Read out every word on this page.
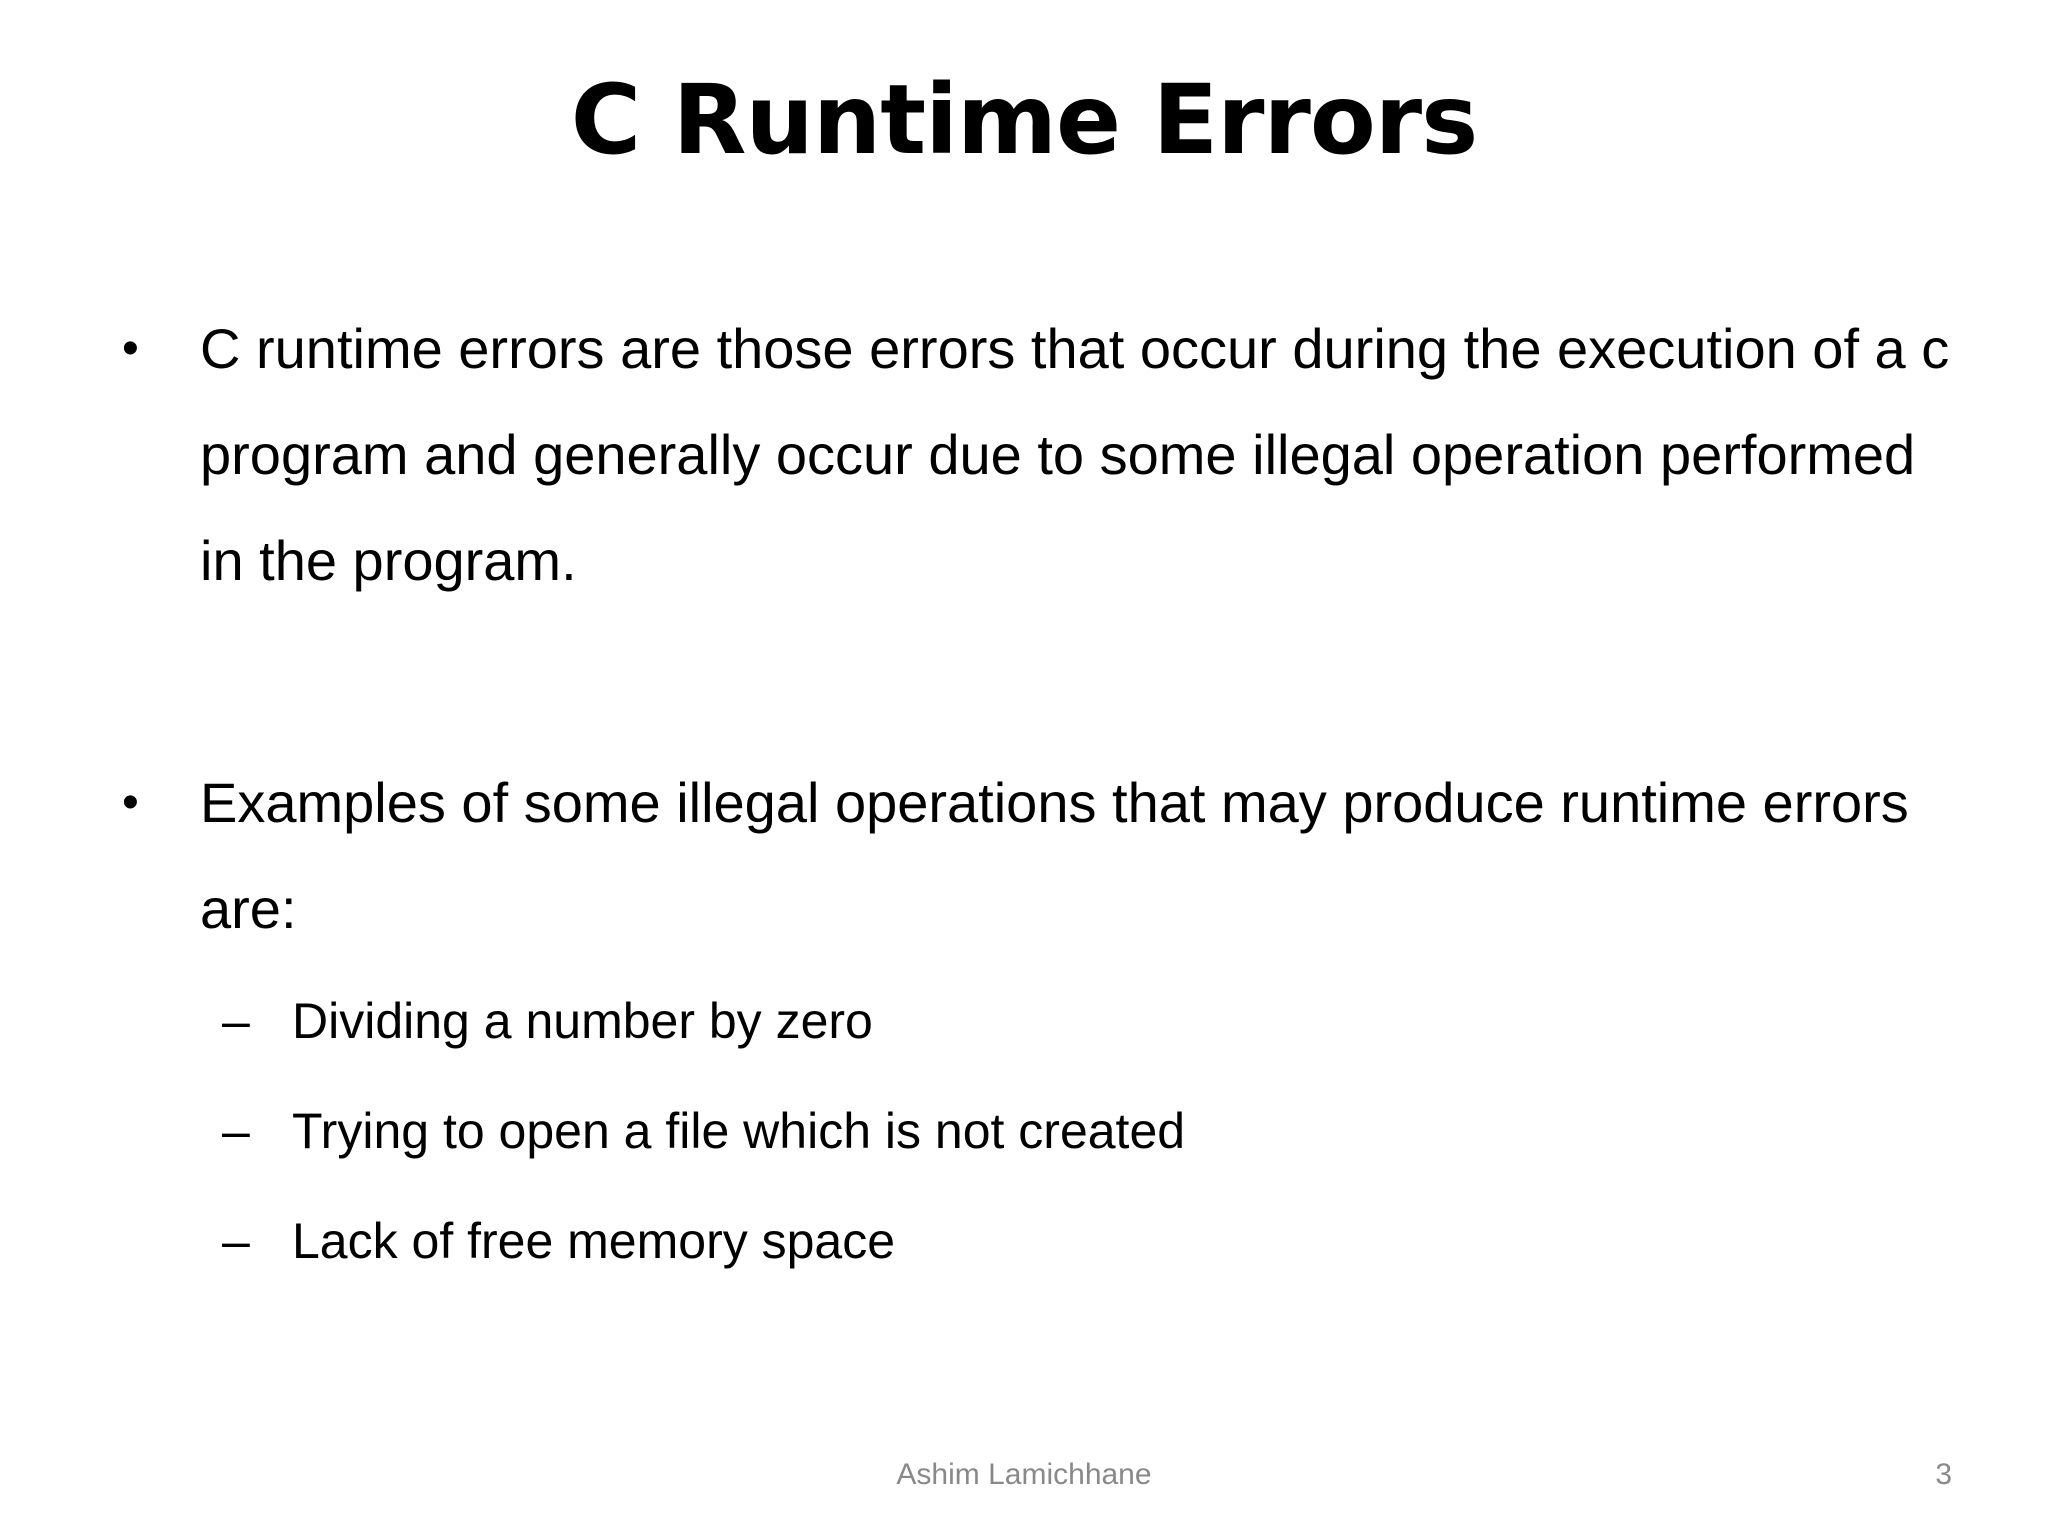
C Runtime Errors
• C runtime errors are those errors that occur during the execution of a c program and generally occur due to some illegal operation performed in the program.
• Examples of some illegal operations that may produce runtime errors are:
– Dividing a number by zero
– Trying to open a file which is not created
– Lack of free memory space
Ashim Lamichhane	3
